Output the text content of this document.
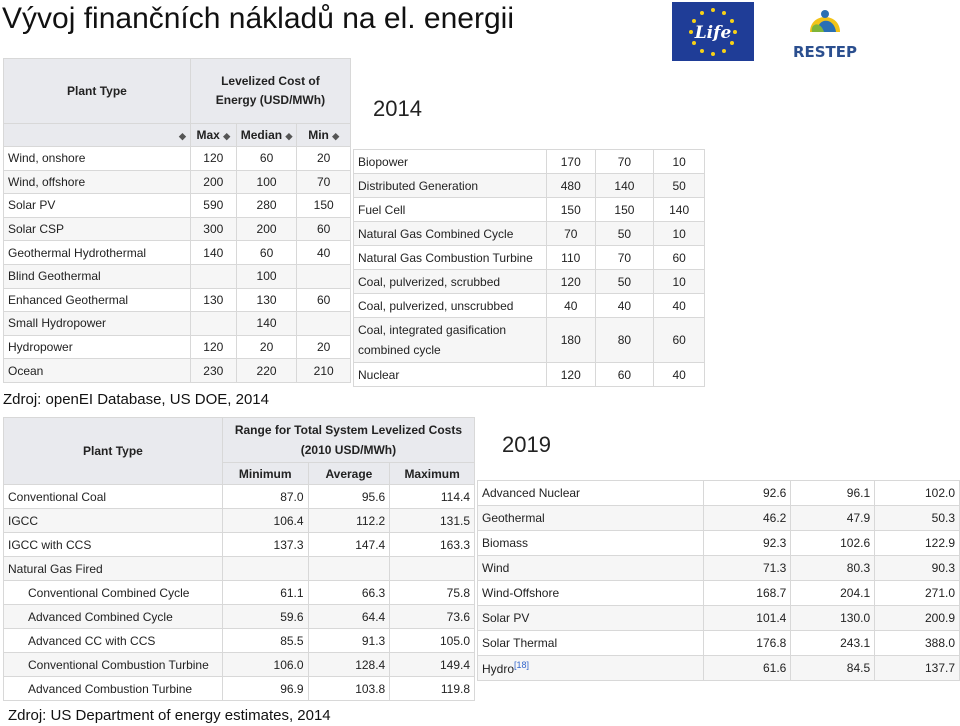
Vývoj finančních nákladů na el. energii	Life
RESTEP
2014
2019
Plant Type	Levelized Cost of Energy (USD/MWh)		
◆	Max ◆	Median ◆	Min ◆
Wind, onshore	120	60	20
Wind, offshore	200	100	70
Solar PV	590	280	150
Solar CSP	300	200	60
Geothermal Hydrothermal	140	60	40
Blind Geothermal		100	
Enhanced Geothermal	130	130	60
Small Hydropower		140	
Hydropower	120	20	20
Ocean	230	220	210
Biopower	170	70	10
Distributed Generation	480	140	50
Fuel Cell	150	150	140
Natural Gas Combined Cycle	70	50	10
Natural Gas Combustion Turbine	110	70	60
Coal, pulverized, scrubbed	120	50	10
Coal, pulverized, unscrubbed	40	40	40
Coal, integrated gasification combined cycle	180	80	60
Nuclear	120	60	40
Zdroj: openEI Database, US DOE, 2014
Plant Type	Range for Total System Levelized Costs (2010 USD/MWh)		
	Minimum	Average	Maximum
Conventional Coal	87.0	95.6	114.4
IGCC	106.4	112.2	131.5
IGCC with CCS	137.3	147.4	163.3
Natural Gas Fired			
Conventional Combined Cycle	61.1	66.3	75.8
Advanced Combined Cycle	59.6	64.4	73.6
Advanced CC with CCS	85.5	91.3	105.0
Conventional Combustion Turbine	106.0	128.4	149.4
Advanced Combustion Turbine	96.9	103.8	119.8
Advanced Nuclear	92.6	96.1	102.0
Geothermal	46.2	47.9	50.3
Biomass	92.3	102.6	122.9
Wind	71.3	80.3	90.3
Wind-Offshore	168.7	204.1	271.0
Solar PV	101.4	130.0	200.9
Solar Thermal	176.8	243.1	388.0
Hydro[18]	61.6	84.5	137.7
Zdroj: US Department of energy estimates, 2014
